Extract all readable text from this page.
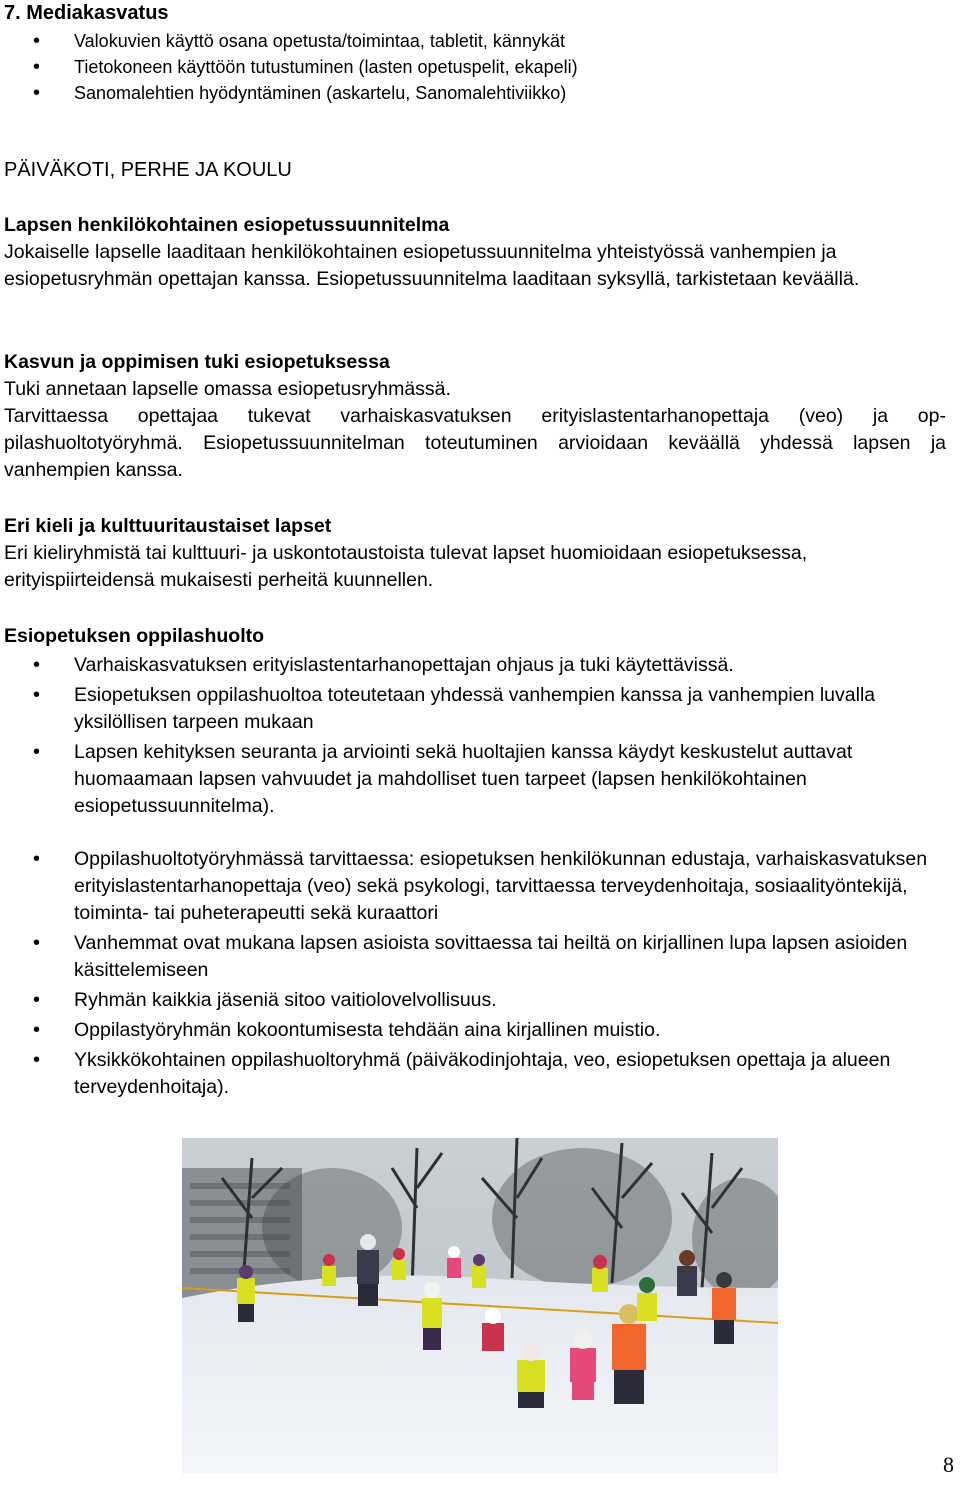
7. Mediakasvatus

• Valokuvien käyttö osana opetusta/toimintaa, tabletit, kännykät
• Tietokoneen käyttöön tutustuminen (lasten opetuspelit, ekapeli)
• Sanomalehtien hyödyntäminen (askartelu, Sanomalehtiviikko)

PÄIVÄKOTI, PERHE JA KOULU

Lapsen henkilökohtainen esiopetussuunnitelma

Jokaiselle lapselle laaditaan henkilökohtainen esiopetussuunnitelma yhteistyössä vanhempien ja esiopetusryhmän opettajan kanssa. Esiopetussuunnitelma laaditaan syksyllä, tarkistetaan keväällä.

Kasvun ja oppimisen tuki esiopetuksessa

Tuki annetaan lapselle omassa esiopetusryhmässä.

Tarvittaessa opettajaa tukevat varhaiskasvatuksen erityislastentarhanopettaja (veo) ja oppilashuoltotyöryhmä. Esiopetussuunnitelman toteutuminen arvioidaan keväällä yhdessä lapsen ja vanhempien kanssa.

Eri kieli ja kulttuuritaustaiset lapset

Eri kieliryhmistä tai kulttuuri- ja uskontotaustoista tulevat lapset huomioidaan esiopetuksessa, erityispiirteidensä mukaisesti perheitä kuunnellen.

Esiopetuksen oppilashuolto

• Varhaiskasvatuksen erityislastentarhanopettajan ohjaus ja tuki käytettävissä.
• Esiopetuksen oppilashuoltoa toteutetaan yhdessä vanhempien kanssa ja vanhempien luvalla yksilöllisen tarpeen mukaan
• Lapsen kehityksen seuranta ja arviointi sekä huoltajien kanssa käydyt keskustelut auttavat huomaamaan lapsen vahvuudet ja mahdolliset tuen tarpeet (lapsen henkilökohtainen esiopetussuunnitelma).
• Oppilashuoltotyöryhmässä tarvittaessa: esiopetuksen henkilökunnan edustaja, varhaiskasvatuksen erityislastentarhanopettaja (veo) sekä psykologi, tarvittaessa terveydenhoitaja, sosiaalityöntekijä, toiminta- tai puheterapeutti sekä kuraattori
• Vanhemmat ovat mukana lapsen asioista sovittaessa tai heiltä on kirjallinen lupa lapsen asioiden käsittelemiseen
• Ryhmän kaikkia jäseniä sitoo vaitiolovelvollisuus.
• Oppilastyöryhmän kokoontumisesta tehdään aina kirjallinen muistio.
• Yksikkökohtainen oppilashuoltoryhmä (päiväkodinjohtaja, veo, esiopetuksen opettaja ja alueen terveydenhoitaja).
8
